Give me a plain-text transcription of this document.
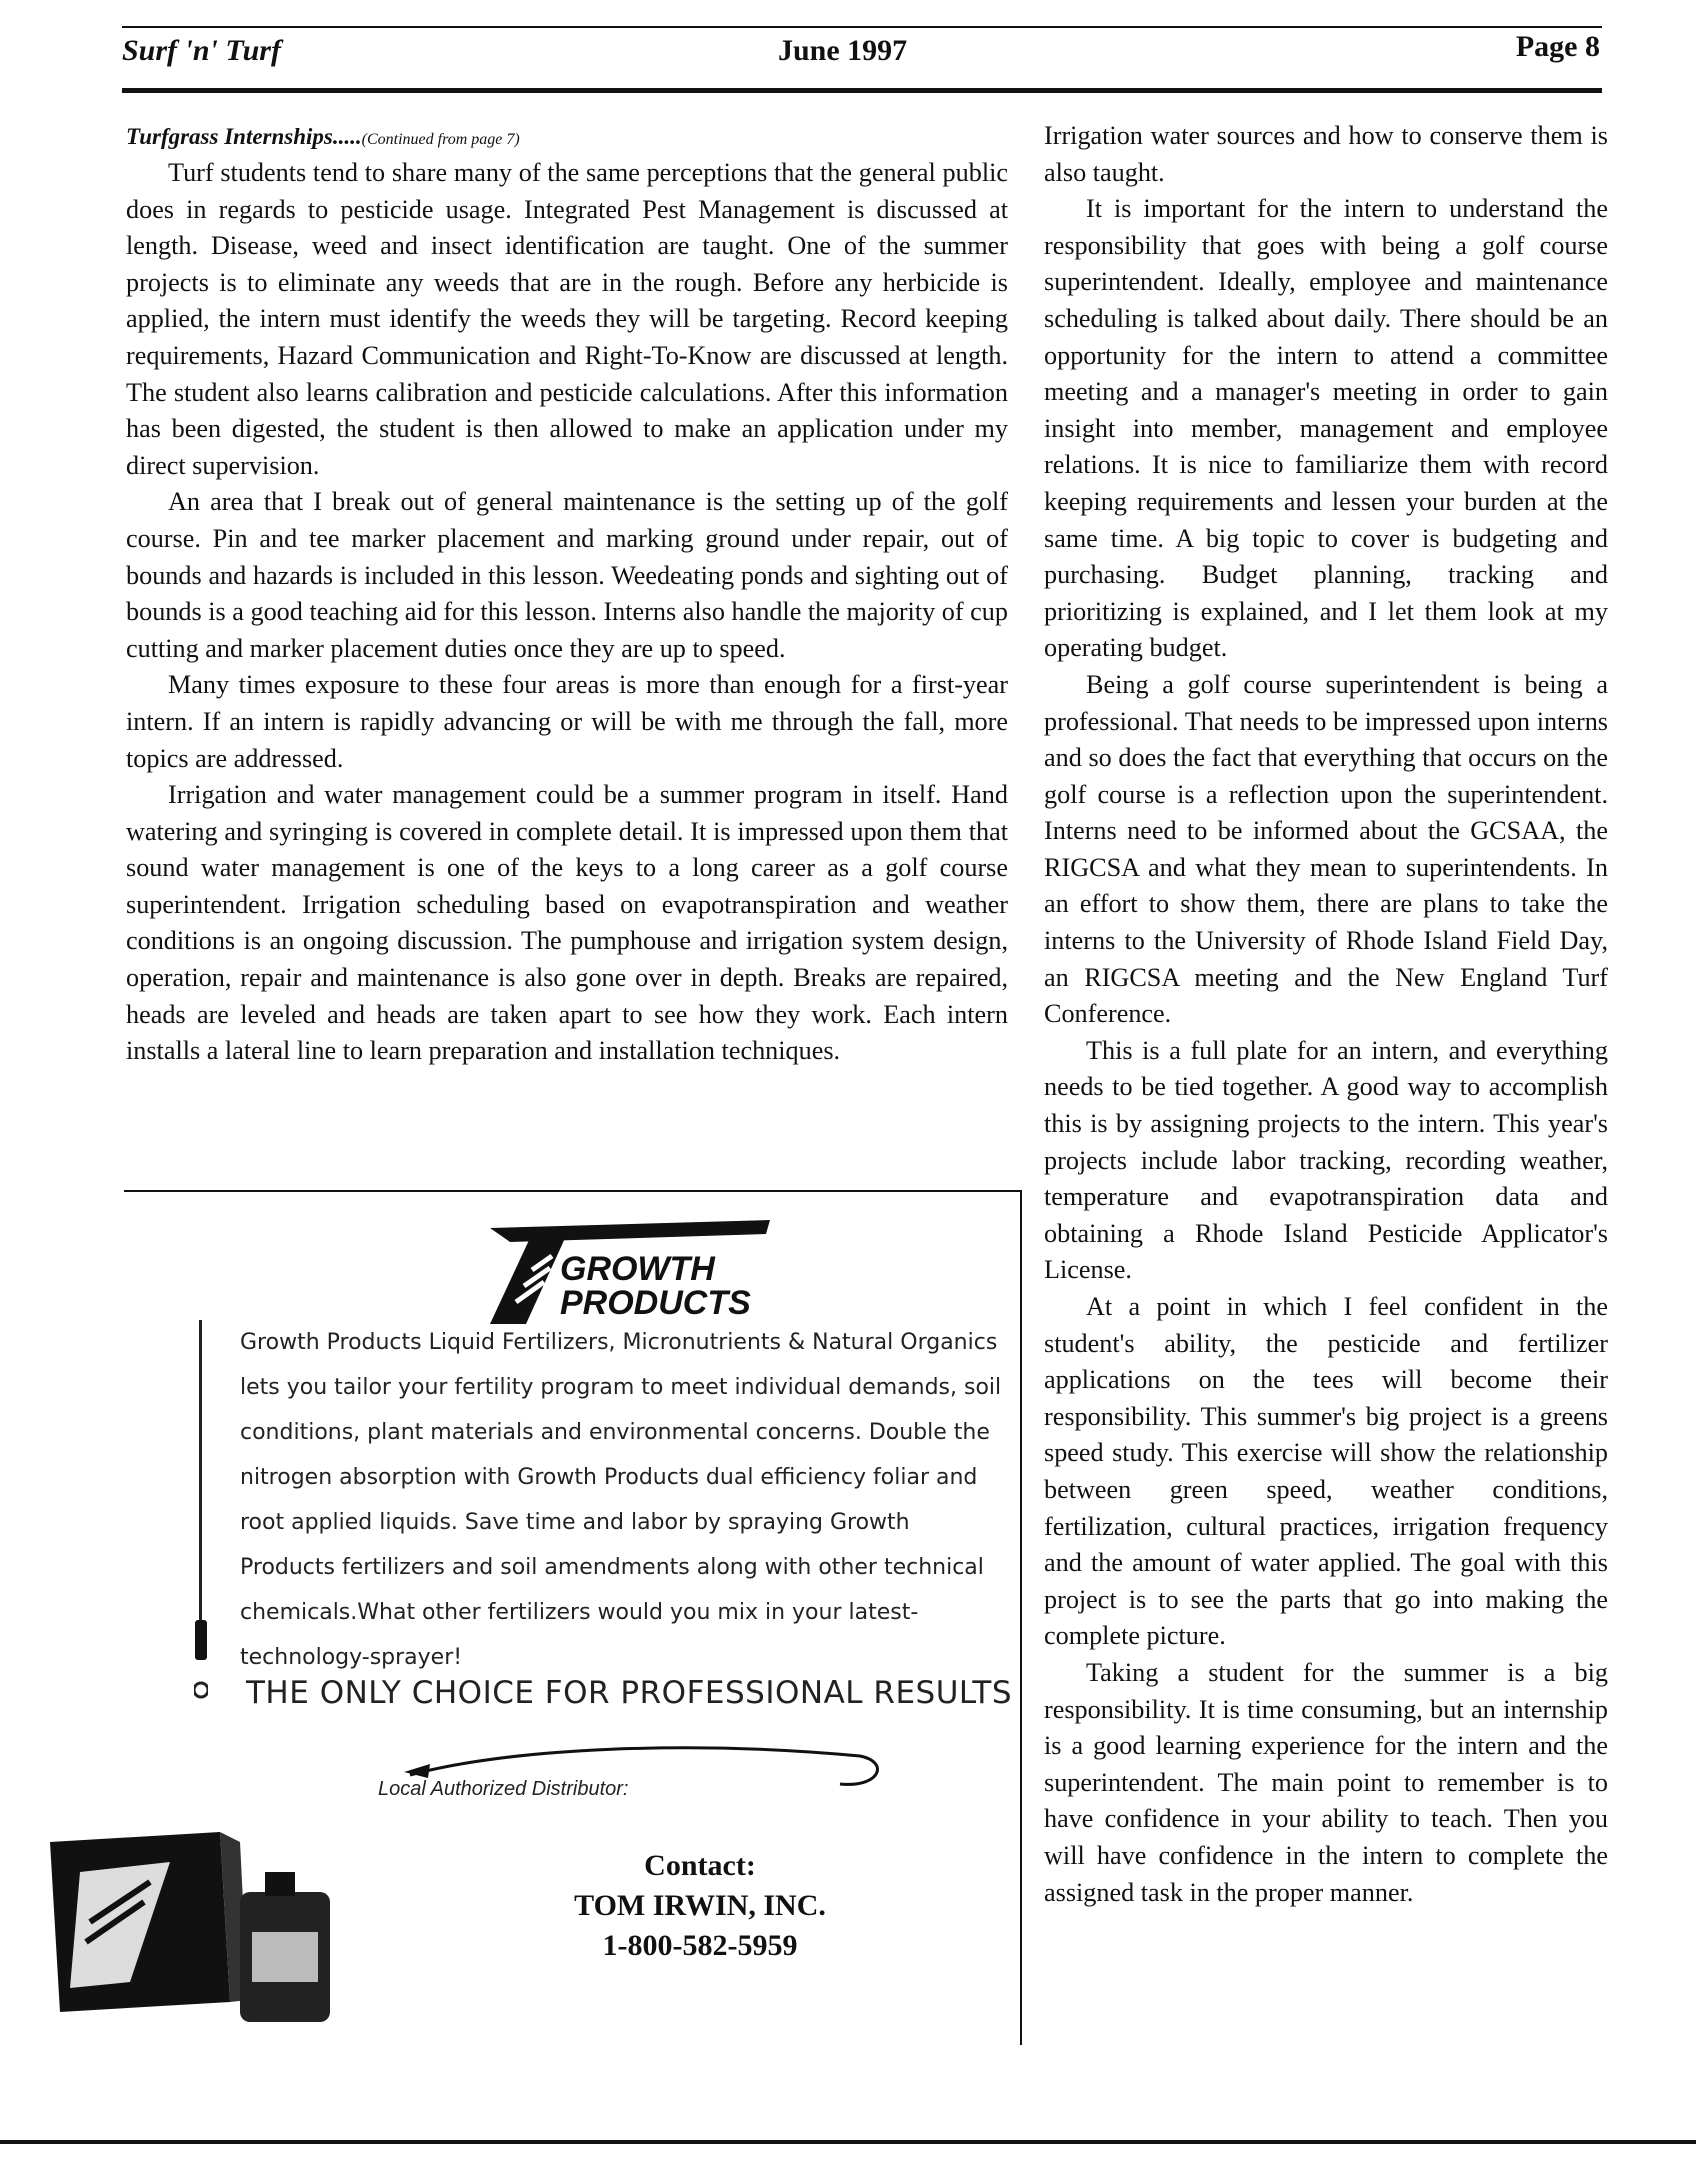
Surf 'n' Turf	June 1997	Page 8
Turfgrass Internships.....(Continued from page 7)

Turf students tend to share many of the same perceptions that the general public does in regards to pesticide usage. Integrated Pest Management is discussed at length. Disease, weed and insect identification are taught. One of the summer projects is to eliminate any weeds that are in the rough. Before any herbicide is applied, the intern must identify the weeds they will be targeting. Record keeping requirements, Hazard Communication and Right-To-Know are discussed at length. The student also learns calibration and pesticide calculations. After this information has been digested, the student is then allowed to make an application under my direct supervision.

An area that I break out of general maintenance is the setting up of the golf course. Pin and tee marker placement and marking ground under repair, out of bounds and hazards is included in this lesson. Weedeating ponds and sighting out of bounds is a good teaching aid for this lesson. Interns also handle the majority of cup cutting and marker placement duties once they are up to speed.

Many times exposure to these four areas is more than enough for a first-year intern. If an intern is rapidly advancing or will be with me through the fall, more topics are addressed.

Irrigation and water management could be a summer program in itself. Hand watering and syringing is covered in complete detail. It is impressed upon them that sound water management is one of the keys to a long career as a golf course superintendent. Irrigation scheduling based on evapotranspiration and weather conditions is an ongoing discussion. The pumphouse and irrigation system design, operation, repair and maintenance is also gone over in depth. Breaks are repaired, heads are leveled and heads are taken apart to see how they work. Each intern installs a lateral line to learn preparation and installation techniques.

Irrigation water sources and how to conserve them is also taught.

It is important for the intern to understand the responsibility that goes with being a golf course superintendent. Ideally, employee and maintenance scheduling is talked about daily. There should be an opportunity for the intern to attend a committee meeting and a manager's meeting in order to gain insight into member, management and employee relations. It is nice to familiarize them with record keeping requirements and lessen your burden at the same time. A big topic to cover is budgeting and purchasing. Budget planning, tracking and prioritizing is explained, and I let them look at my operating budget.

Being a golf course superintendent is being a professional. That needs to be impressed upon interns and so does the fact that everything that occurs on the golf course is a reflection upon the superintendent. Interns need to be informed about the GCSAA, the RIGCSA and what they mean to superintendents. In an effort to show them, there are plans to take the interns to the University of Rhode Island Field Day, an RIGCSA meeting and the New England Turf Conference.

This is a full plate for an intern, and everything needs to be tied together. A good way to accomplish this is by assigning projects to the intern. This year's projects include labor tracking, recording weather, temperature and evapotranspiration data and obtaining a Rhode Island Pesticide Applicator's License.

At a point in which I feel confident in the student's ability, the pesticide and fertilizer applications on the tees will become their responsibility. This summer's big project is a greens speed study. This exercise will show the relationship between green speed, weather conditions, fertilization, cultural practices, irrigation frequency and the amount of water applied. The goal with this project is to see the parts that go into making the complete picture.

Taking a student for the summer is a big responsibility. It is time consuming, but an internship is a good learning experience for the intern and the superintendent. The main point to remember is to have confidence in your ability to teach. Then you will have confidence in the intern to complete the assigned task in the proper manner.

GROWTH
PRODUCTS
Growth Products Liquid Fertilizers, Micronutrients & Natural Organics lets you tailor your fertility program to meet individual demands, soil conditions, plant materials and environmental concerns. Double the nitrogen absorption with Growth Products dual efficiency foliar and root applied liquids. Save time and labor by spraying Growth Products fertilizers and soil amendments along with other technical chemicals.What other fertilizers would you mix in your latest-technology-sprayer!
THE ONLY CHOICE FOR PROFESSIONAL RESULTS
Local Authorized Distributor:
Contact:
TOM IRWIN, INC.
1-800-582-5959
